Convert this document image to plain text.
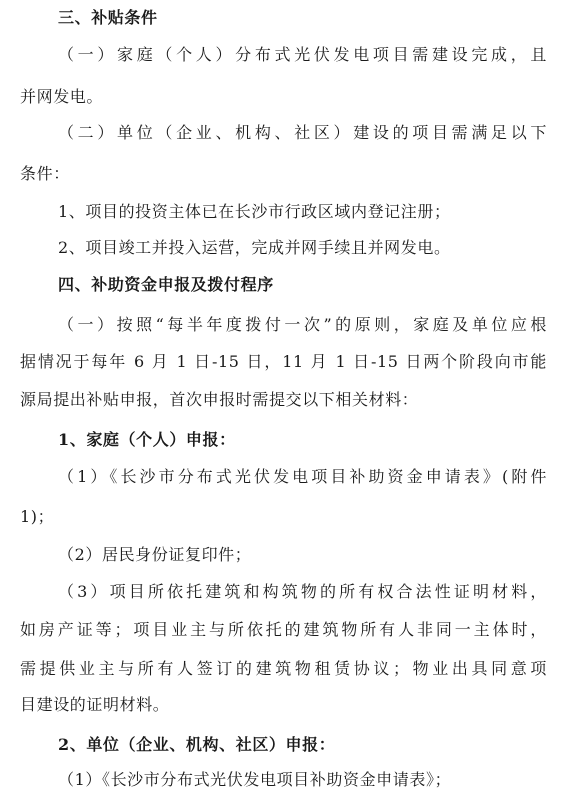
三、补贴条件
（一）家庭（个人）分布式光伏发电项目需建设完成，且
并网发电。
（二）单位（企业、机构、社区）建设的项目需满足以下
条件：
1、项目的投资主体已在长沙市行政区域内登记注册；
2、项目竣工并投入运营，完成并网手续且并网发电。
四、补助资金申报及拨付程序
（一）按照“每半年度拨付一次”的原则，家庭及单位应根
据情况于每年 6 月 1 日-15 日，11 月 1 日-15 日两个阶段向市能
源局提出补贴申报，首次申报时需提交以下相关材料：
1、家庭（个人）申报：
（1）《长沙市分布式光伏发电项目补助资金申请表》(附件
1)；
（2）居民身份证复印件；
（3）项目所依托建筑和构筑物的所有权合法性证明材料，
如房产证等；项目业主与所依托的建筑物所有人非同一主体时，
需提供业主与所有人签订的建筑物租赁协议；物业出具同意项
目建设的证明材料。
2、单位（企业、机构、社区）申报：
（1）《长沙市分布式光伏发电项目补助资金申请表》；
